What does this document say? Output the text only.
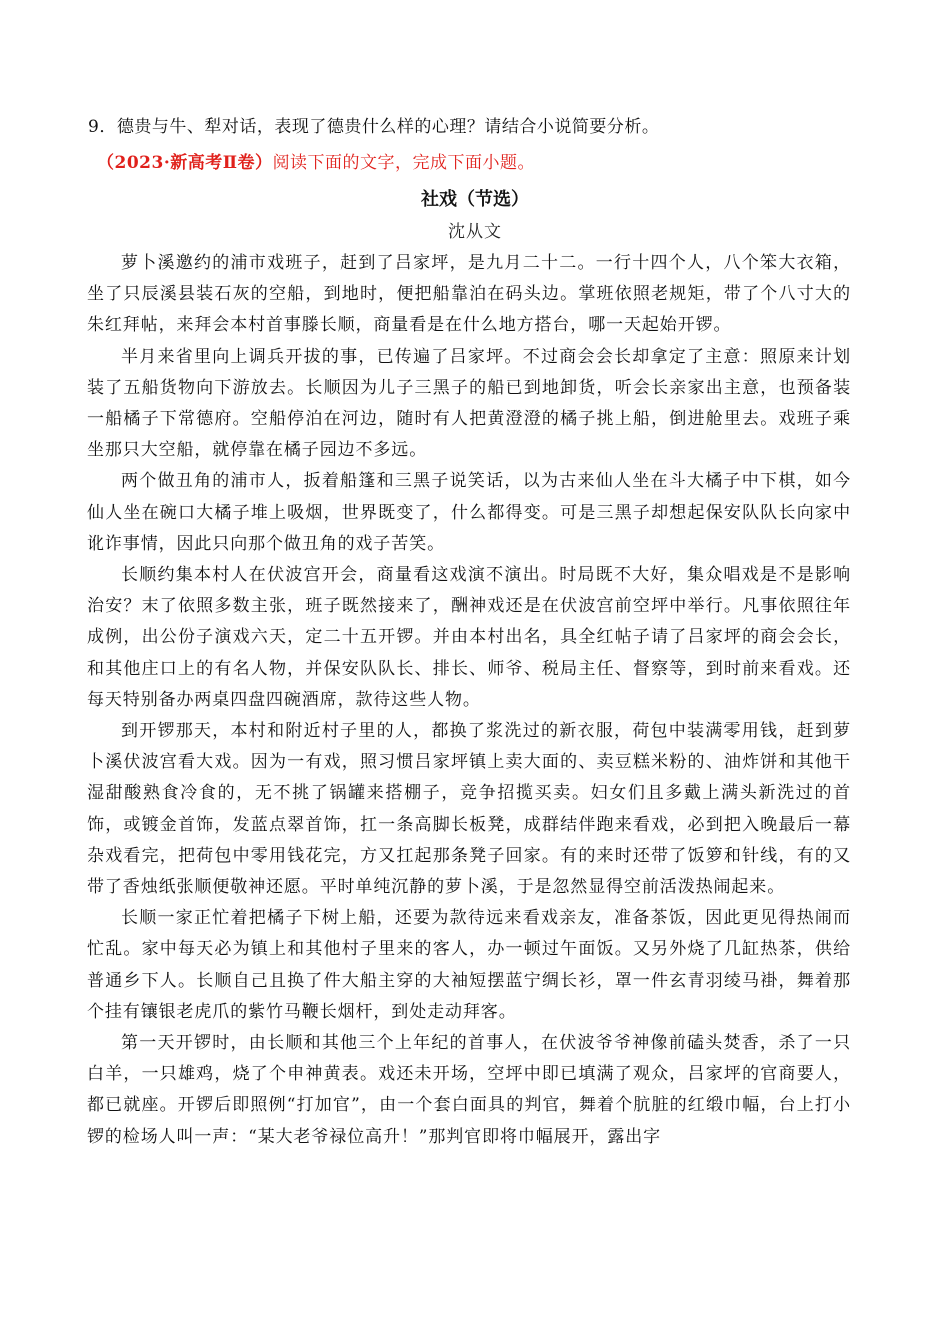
9．德贵与牛、犁对话，表现了德贵什么样的心理？请结合小说简要分析。
（2023·新高考Ⅱ卷）阅读下面的文字，完成下面小题。
社戏（节选）
沈从文

萝卜溪邀约的浦市戏班子，赶到了吕家坪，是九月二十二。一行十四个人，八个笨大衣箱，坐了只辰溪县装石灰的空船，到地时，便把船靠泊在码头边。掌班依照老规矩，带了个八寸大的朱红拜帖，来拜会本村首事滕长顺，商量看是在什么地方搭台，哪一天起始开锣。

半月来省里向上调兵开拔的事，已传遍了吕家坪。不过商会会长却拿定了主意：照原来计划装了五船货物向下游放去。长顺因为儿子三黑子的船已到地卸货，听会长亲家出主意，也预备装一船橘子下常德府。空船停泊在河边，随时有人把黄澄澄的橘子挑上船，倒进舱里去。戏班子乘坐那只大空船，就停靠在橘子园边不多远。

两个做丑角的浦市人，扳着船篷和三黑子说笑话，以为古来仙人坐在斗大橘子中下棋，如今仙人坐在碗口大橘子堆上吸烟，世界既变了，什么都得变。可是三黑子却想起保安队队长向家中讹诈事情，因此只向那个做丑角的戏子苦笑。

长顺约集本村人在伏波宫开会，商量看这戏演不演出。时局既不大好，集众唱戏是不是影响治安？末了依照多数主张，班子既然接来了，酬神戏还是在伏波宫前空坪中举行。凡事依照往年成例，出公份子演戏六天，定二十五开锣。并由本村出名，具全红帖子请了吕家坪的商会会长，和其他庄口上的有名人物，并保安队队长、排长、师爷、税局主任、督察等，到时前来看戏。还每天特别备办两桌四盘四碗酒席，款待这些人物。

到开锣那天，本村和附近村子里的人，都换了浆洗过的新衣服，荷包中装满零用钱，赶到萝卜溪伏波宫看大戏。因为一有戏，照习惯吕家坪镇上卖大面的、卖豆糕米粉的、油炸饼和其他干湿甜酸熟食冷食的，无不挑了锅罐来搭棚子，竞争招揽买卖。妇女们且多戴上满头新洗过的首饰，或镀金首饰，发蓝点翠首饰，扛一条高脚长板凳，成群结伴跑来看戏，必到把入晚最后一幕杂戏看完，把荷包中零用钱花完，方又扛起那条凳子回家。有的来时还带了饭箩和针线，有的又带了香烛纸张顺便敬神还愿。平时单纯沉静的萝卜溪，于是忽然显得空前活泼热闹起来。

长顺一家正忙着把橘子下树上船，还要为款待远来看戏亲友，准备茶饭，因此更见得热闹而忙乱。家中每天必为镇上和其他村子里来的客人，办一顿过午面饭。又另外烧了几缸热茶，供给普通乡下人。长顺自己且换了件大船主穿的大袖短摆蓝宁绸长衫，罩一件玄青羽绫马褂，舞着那个挂有镶银老虎爪的紫竹马鞭长烟杆，到处走动拜客。

第一天开锣时，由长顺和其他三个上年纪的首事人，在伏波爷爷神像前磕头焚香，杀了一只白羊，一只雄鸡，烧了个申神黄表。戏还未开场，空坪中即已填满了观众，吕家坪的官商要人，都已就座。开锣后即照例“打加官”，由一个套白面具的判官，舞着个肮脏的红缎巾幅，台上打小锣的检场人叫一声：“某大老爷禄位高升！”那判官即将巾幅展开，露出字
